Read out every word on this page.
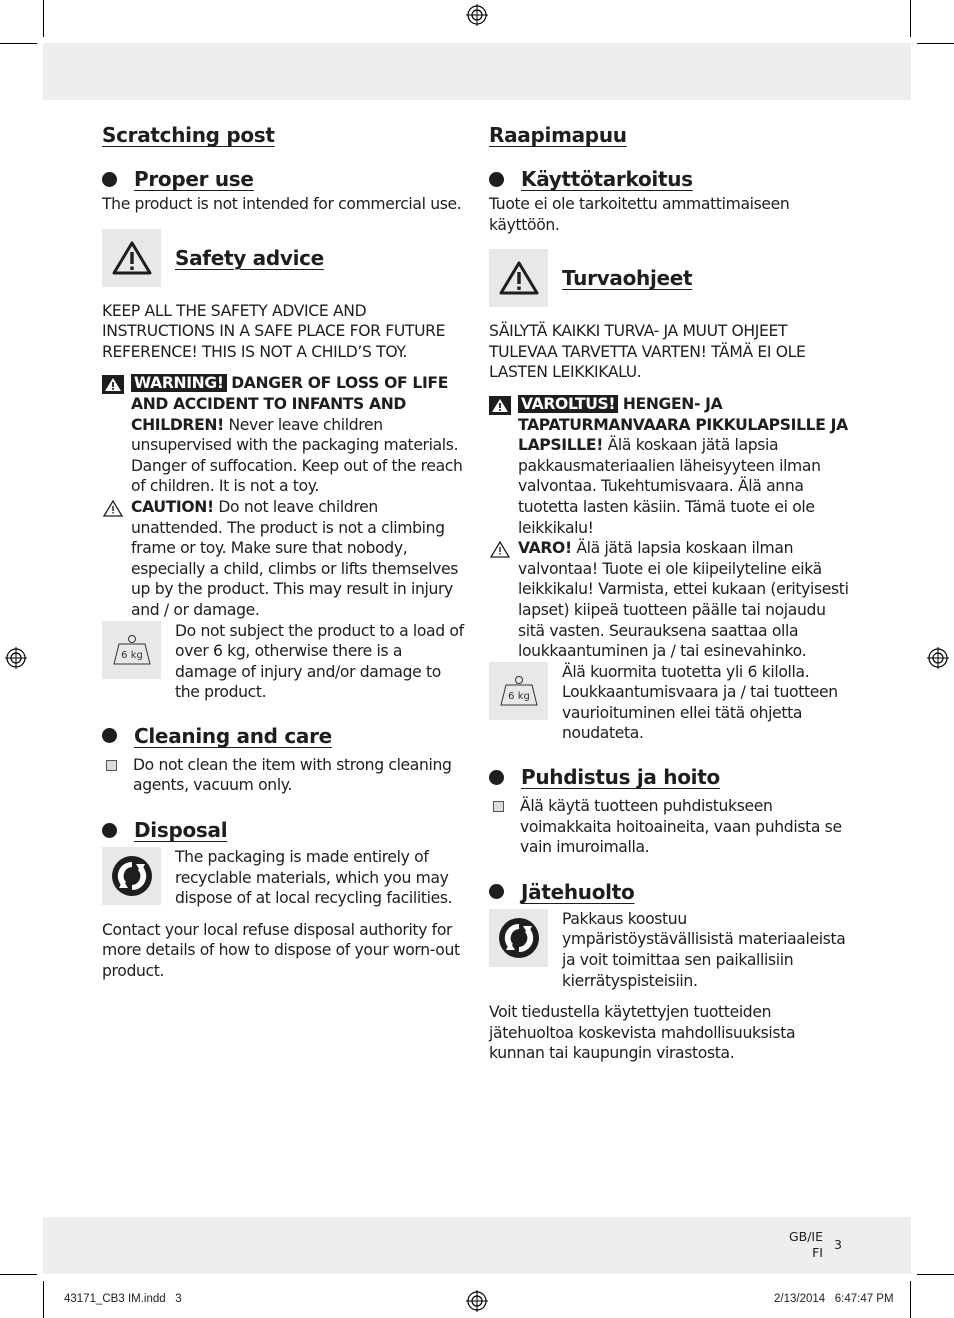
Scratching post
Proper use

The product is not intended for commercial use.

Safety advice

KEEP ALL THE SAFETY ADVICE AND INSTRUCTIONS IN A SAFE PLACE FOR FUTURE REFERENCE! THIS IS NOT A CHILD’S TOY.

WARNING! DANGER OF LOSS OF LIFE AND ACCIDENT TO INFANTS AND CHILDREN! Never leave children unsupervised with the packaging materials. Danger of suffocation. Keep out of the reach of children. It is not a toy.
CAUTION! Do not leave children unattended. The product is not a climbing frame or toy. Make sure that nobody, especially a child, climbs or lifts themselves up by the product. This may result in injury and / or damage.
6 kg
Do not subject the product to a load of over 6 kg, otherwise there is a damage of injury and/or damage to the product.
Cleaning and care
Do not clean the item with strong cleaning agents, vacuum only.
Disposal
The packaging is made entirely of recyclable materials, which you may dispose of at local recycling facilities.

Contact your local refuse disposal authority for more details of how to dispose of your worn-out product.

Raapimapuu
Käyttötarkoitus

Tuote ei ole tarkoitettu ammattimaiseen käyttöön.

Turvaohjeet

SÄILYTÄ KAIKKI TURVA- JA MUUT OHJEET TULEVAA TARVETTA VARTEN! TÄMÄ EI OLE LASTEN LEIKKIKALU.

VAROLTUS! HENGEN- JA TAPATURMANVAARA PIKKULAPSILLE JA LAPSILLE! Älä koskaan jätä lapsia pakkausmateriaalien läheisyyteen ilman valvontaa. Tukehtumisvaara. Älä anna tuotetta lasten käsiin. Tämä tuote ei ole leikkikalu!
VARO! Älä jätä lapsia koskaan ilman valvontaa! Tuote ei ole kiipeilyteline eikä leikkikalu! Varmista, ettei kukaan (erityisesti lapset) kiipeä tuotteen päälle tai nojaudu sitä vasten. Seurauksena saattaa olla loukkaantuminen ja / tai esinevahinko.
6 kg
Älä kuormita tuotetta yli 6 kilolla. Loukkaantumisvaara ja / tai tuotteen vaurioituminen ellei tätä ohjetta noudateta.
Puhdistus ja hoito
Älä käytä tuotteen puhdistukseen voimakkaita hoitoaineita, vaan puhdista se vain imuroimalla.
Jätehuolto
Pakkaus koostuu ympäristöystävällisistä materiaaleista ja voit toimittaa sen paikallisiin kierrätyspisteisiin.

Voit tiedustella käytettyjen tuotteiden jätehuoltoa koskevista mahdollisuuksista kunnan tai kaupungin virastosta.

GB/IE
FI
3
43171_CB3 IM.indd   3	2/13/2014   6:47:47 PM
